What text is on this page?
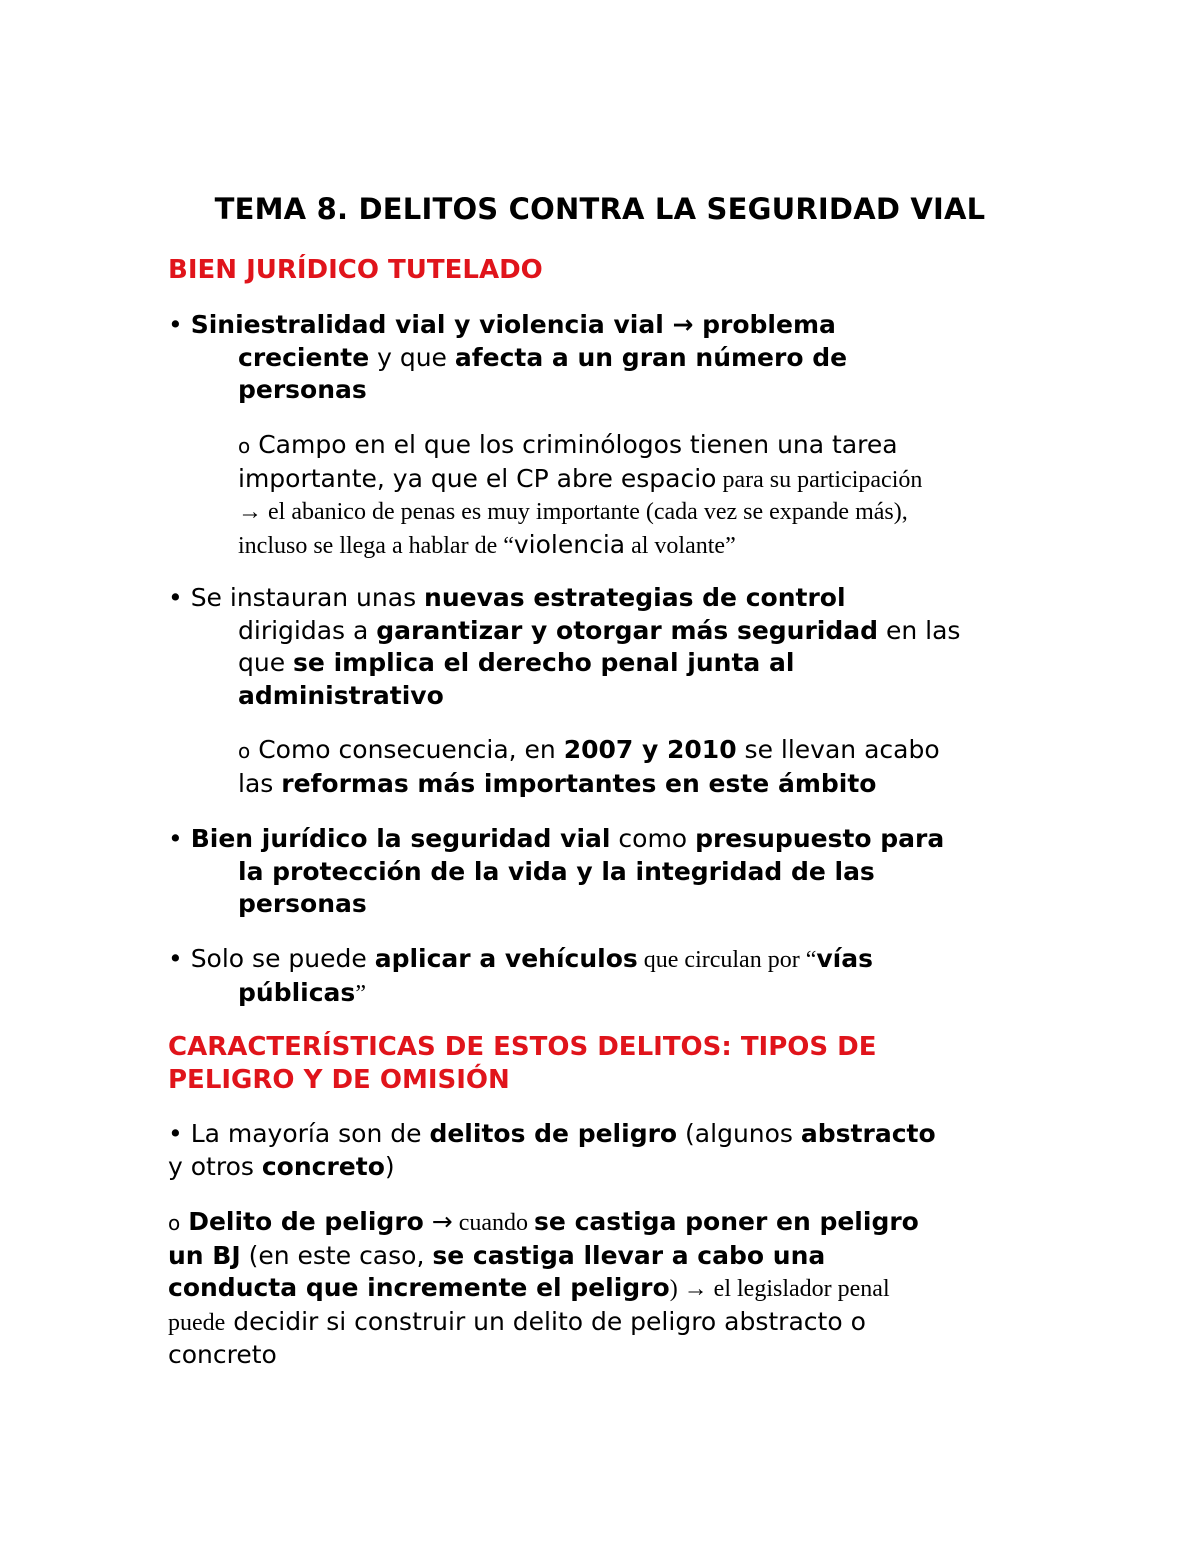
TEMA 8. DELITOS CONTRA LA SEGURIDAD VIAL
BIEN JURÍDICO TUTELADO
• Siniestralidad vial y violencia vial → problema
creciente y que afecta a un gran número de
personas
o Campo en el que los criminólogos tienen una tarea
importante, ya que el CP abre espacio para su participación
→ el abanico de penas es muy importante (cada vez se expande más),
incluso se llega a hablar de “violencia al volante”
• Se instauran unas nuevas estrategias de control
dirigidas a garantizar y otorgar más seguridad en las
que se implica el derecho penal junta al
administrativo
o Como consecuencia, en 2007 y 2010 se llevan acabo
las reformas más importantes en este ámbito
• Bien jurídico la seguridad vial como presupuesto para
la protección de la vida y la integridad de las
personas
• Solo se puede aplicar a vehículos que circulan por “vías
públicas”
CARACTERÍSTICAS DE ESTOS DELITOS: TIPOS DE
PELIGRO Y DE OMISIÓN
• La mayoría son de delitos de peligro (algunos abstracto
y otros concreto)
o Delito de peligro → cuando se castiga poner en peligro
un BJ (en este caso, se castiga llevar a cabo una
conducta que incremente el peligro) → el legislador penal
puede decidir si construir un delito de peligro abstracto o
concreto
